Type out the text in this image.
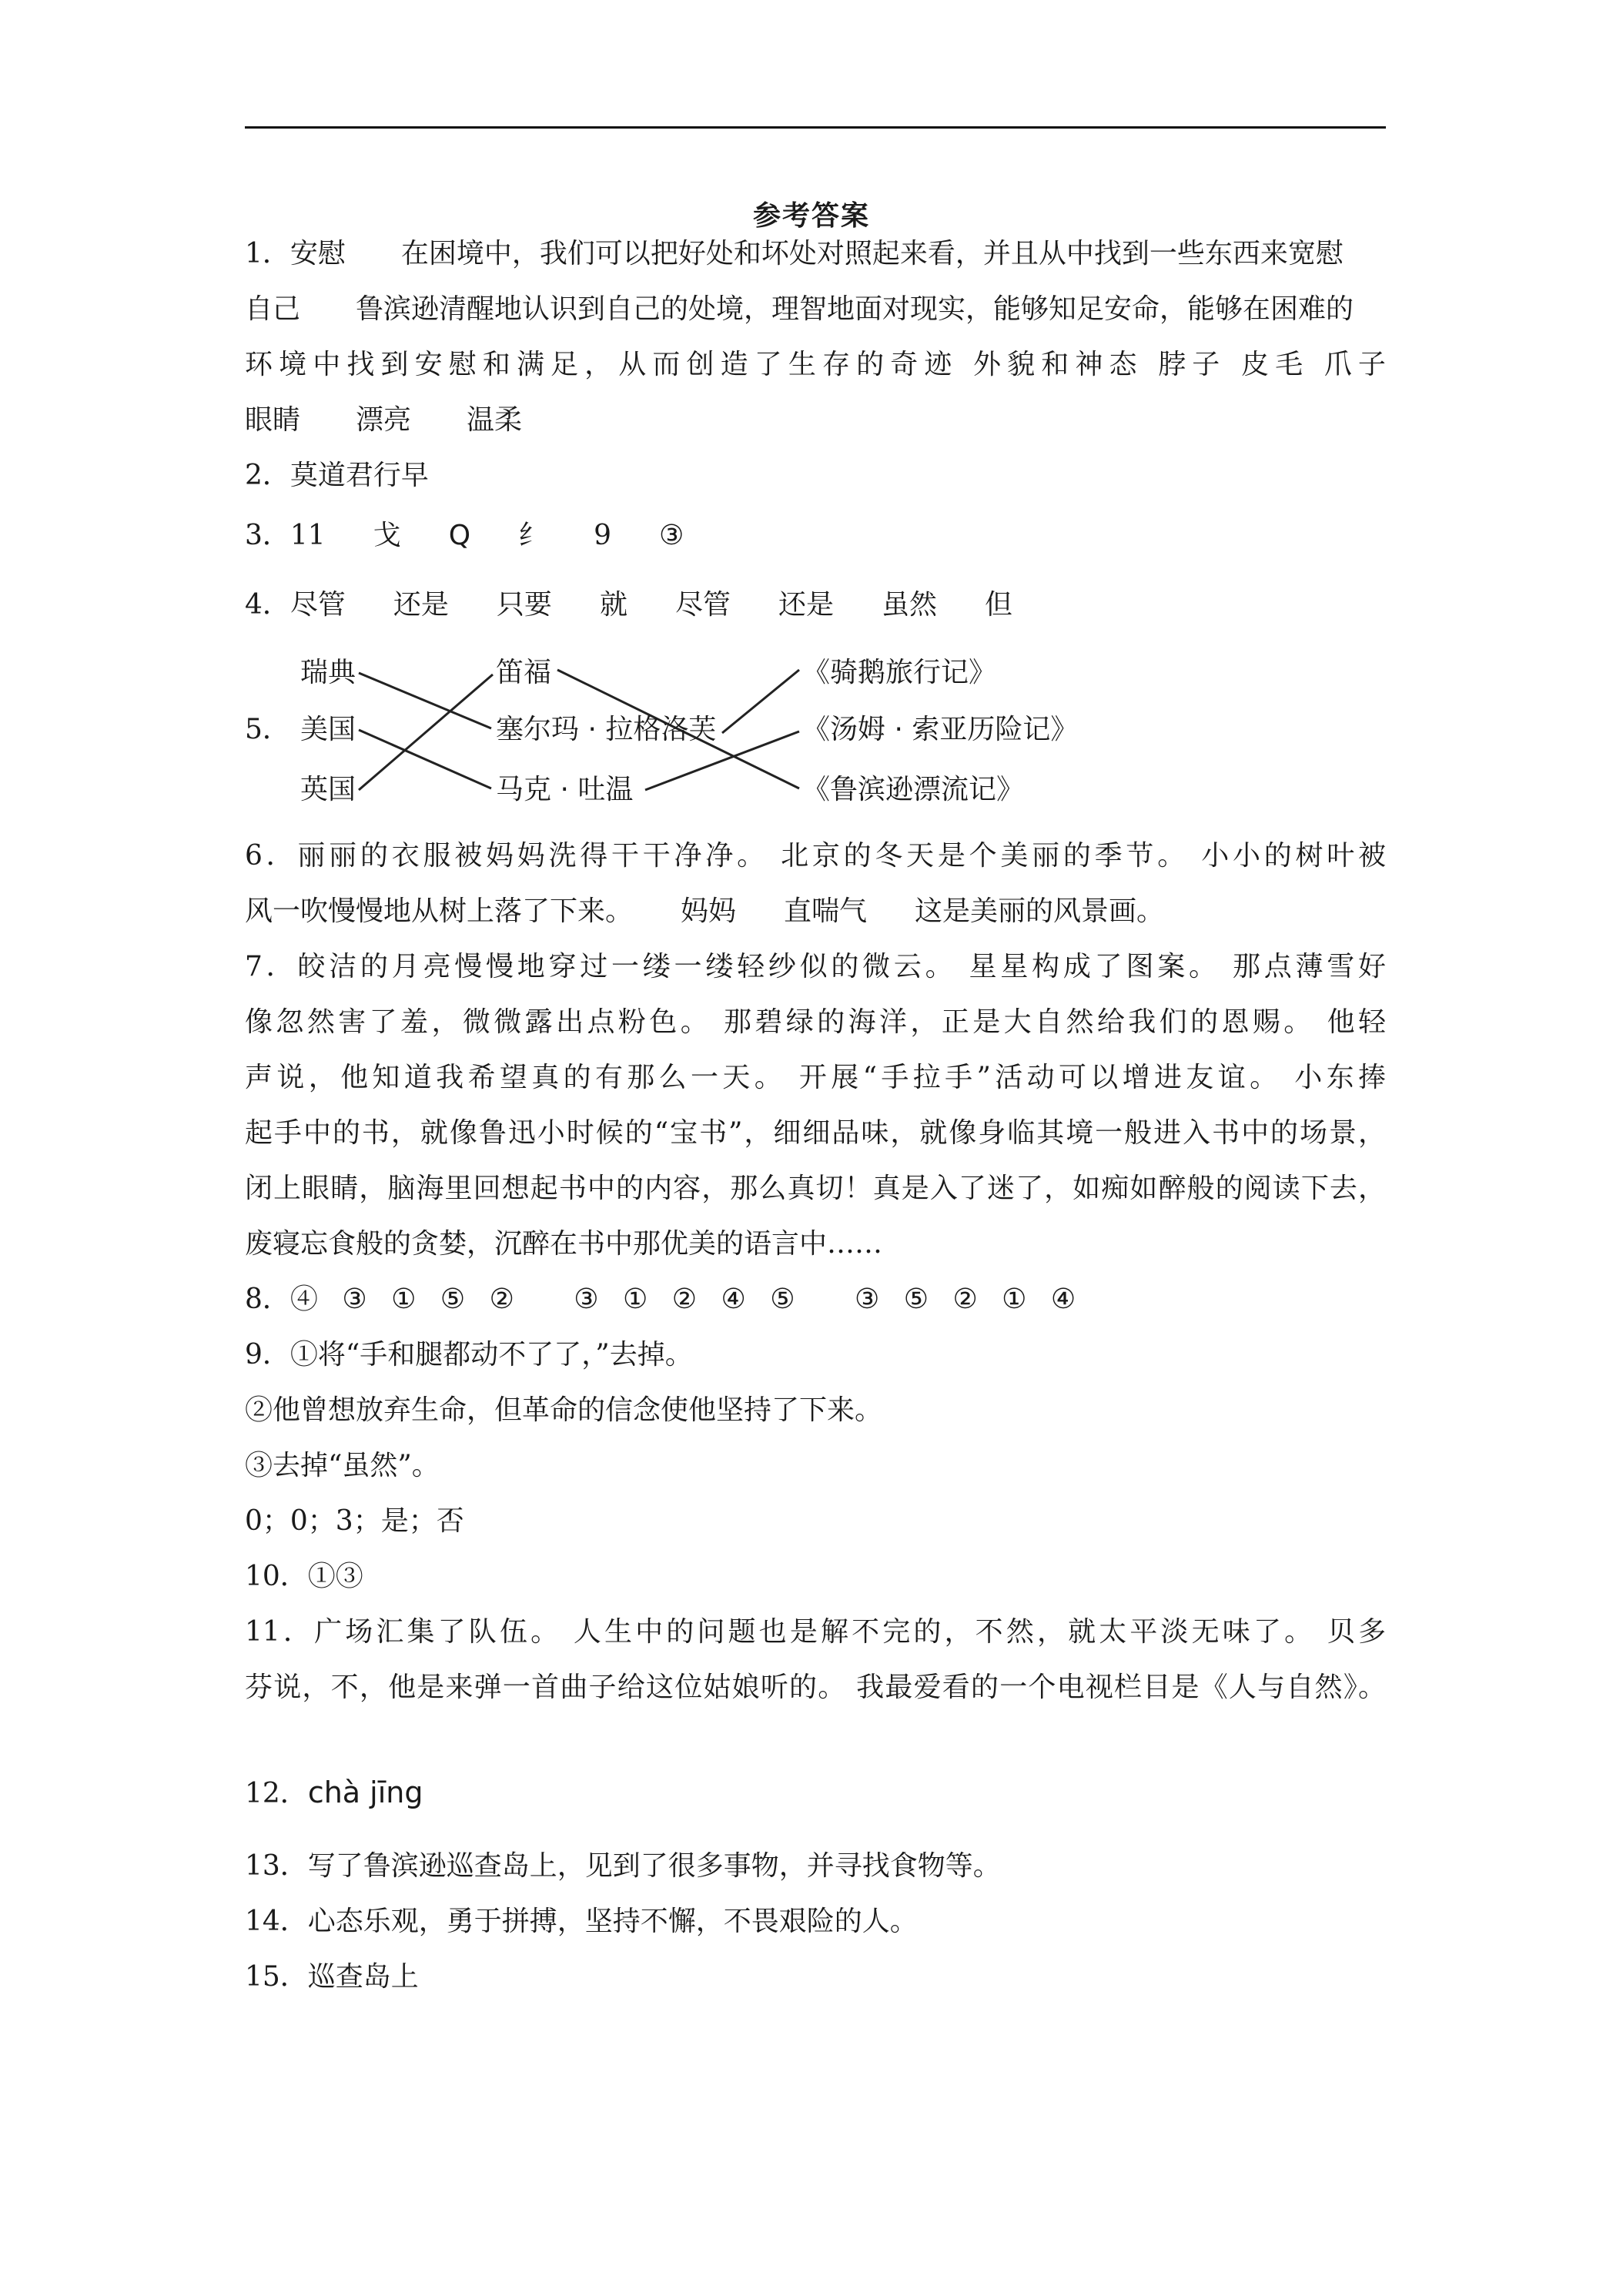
参考答案
1．安慰 在困境中，我们可以把好处和坏处对照起来看，并且从中找到一些东西来宽慰
自己 鲁滨逊清醒地认识到自己的处境，理智地面对现实，能够知足安命，能够在困难的
环境中找到安慰和满足，从而创造了生存的奇迹 外貌和神态 脖子 皮毛 爪子
眼睛 漂亮 温柔
2．莫道君行早
3．11 戈 Q 纟 9 ③
4．尽管 还是 只要 就 尽管 还是 虽然 但
5．
瑞典
美国
英国
笛福
塞尔玛 · 拉格洛芙
马克 · 吐温
《骑鹅旅行记》
《汤姆 · 索亚历险记》
《鲁滨逊漂流记》
6．丽丽的衣服被妈妈洗得干干净净。 北京的冬天是个美丽的季节。 小小的树叶被
风一吹慢慢地从树上落了下来。 妈妈 直喘气 这是美丽的风景画。
7．皎洁的月亮慢慢地穿过一缕一缕轻纱似的微云。 星星构成了图案。 那点薄雪好
像忽然害了羞，微微露出点粉色。 那碧绿的海洋，正是大自然给我们的恩赐。 他轻
声说，他知道我希望真的有那么一天。 开展“手拉手”活动可以增进友谊。 小东捧
起手中的书，就像鲁迅小时候的“宝书”，细细品味，就像身临其境一般进入书中的场景，
闭上眼睛，脑海里回想起书中的内容，那么真切！真是入了迷了，如痴如醉般的阅读下去，
废寝忘食般的贪婪，沉醉在书中那优美的语言中……
8．④ ③ ① ⑤ ② ③ ① ② ④ ⑤ ③ ⑤ ② ① ④
9．①将“手和腿都动不了了，”去掉。
②他曾想放弃生命，但革命的信念使他坚持了下来。
③去掉“虽然”。
0；0；3；是；否
10．①③
11．广场汇集了队伍。 人生中的问题也是解不完的，不然，就太平淡无味了。 贝多
芬说，不，他是来弹一首曲子给这位姑娘听的。 我最爱看的一个电视栏目是《人与自然》。
12．chà jīng
13．写了鲁滨逊巡查岛上，见到了很多事物，并寻找食物等。
14．心态乐观，勇于拼搏，坚持不懈，不畏艰险的人。
15．巡查岛上
